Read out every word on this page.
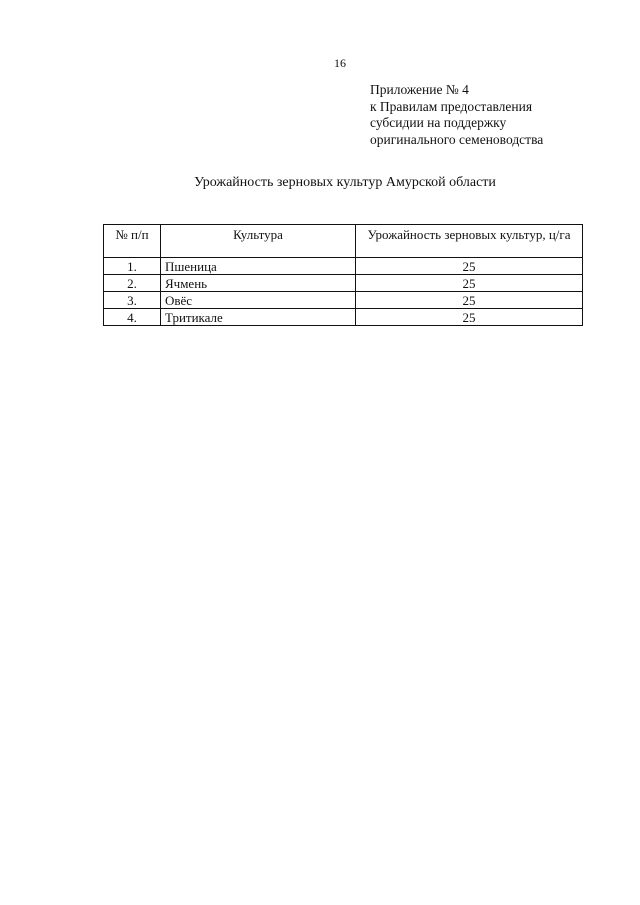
16
Приложение № 4
к Правилам предоставления
субсидии на поддержку
оригинального семеноводства
Урожайность зерновых культур Амурской области
№ п/п	Культура	Урожайность зерновых культур, ц/га
1.	Пшеница	25
2.	Ячмень	25
3.	Овёс	25
4.	Тритикале	25
